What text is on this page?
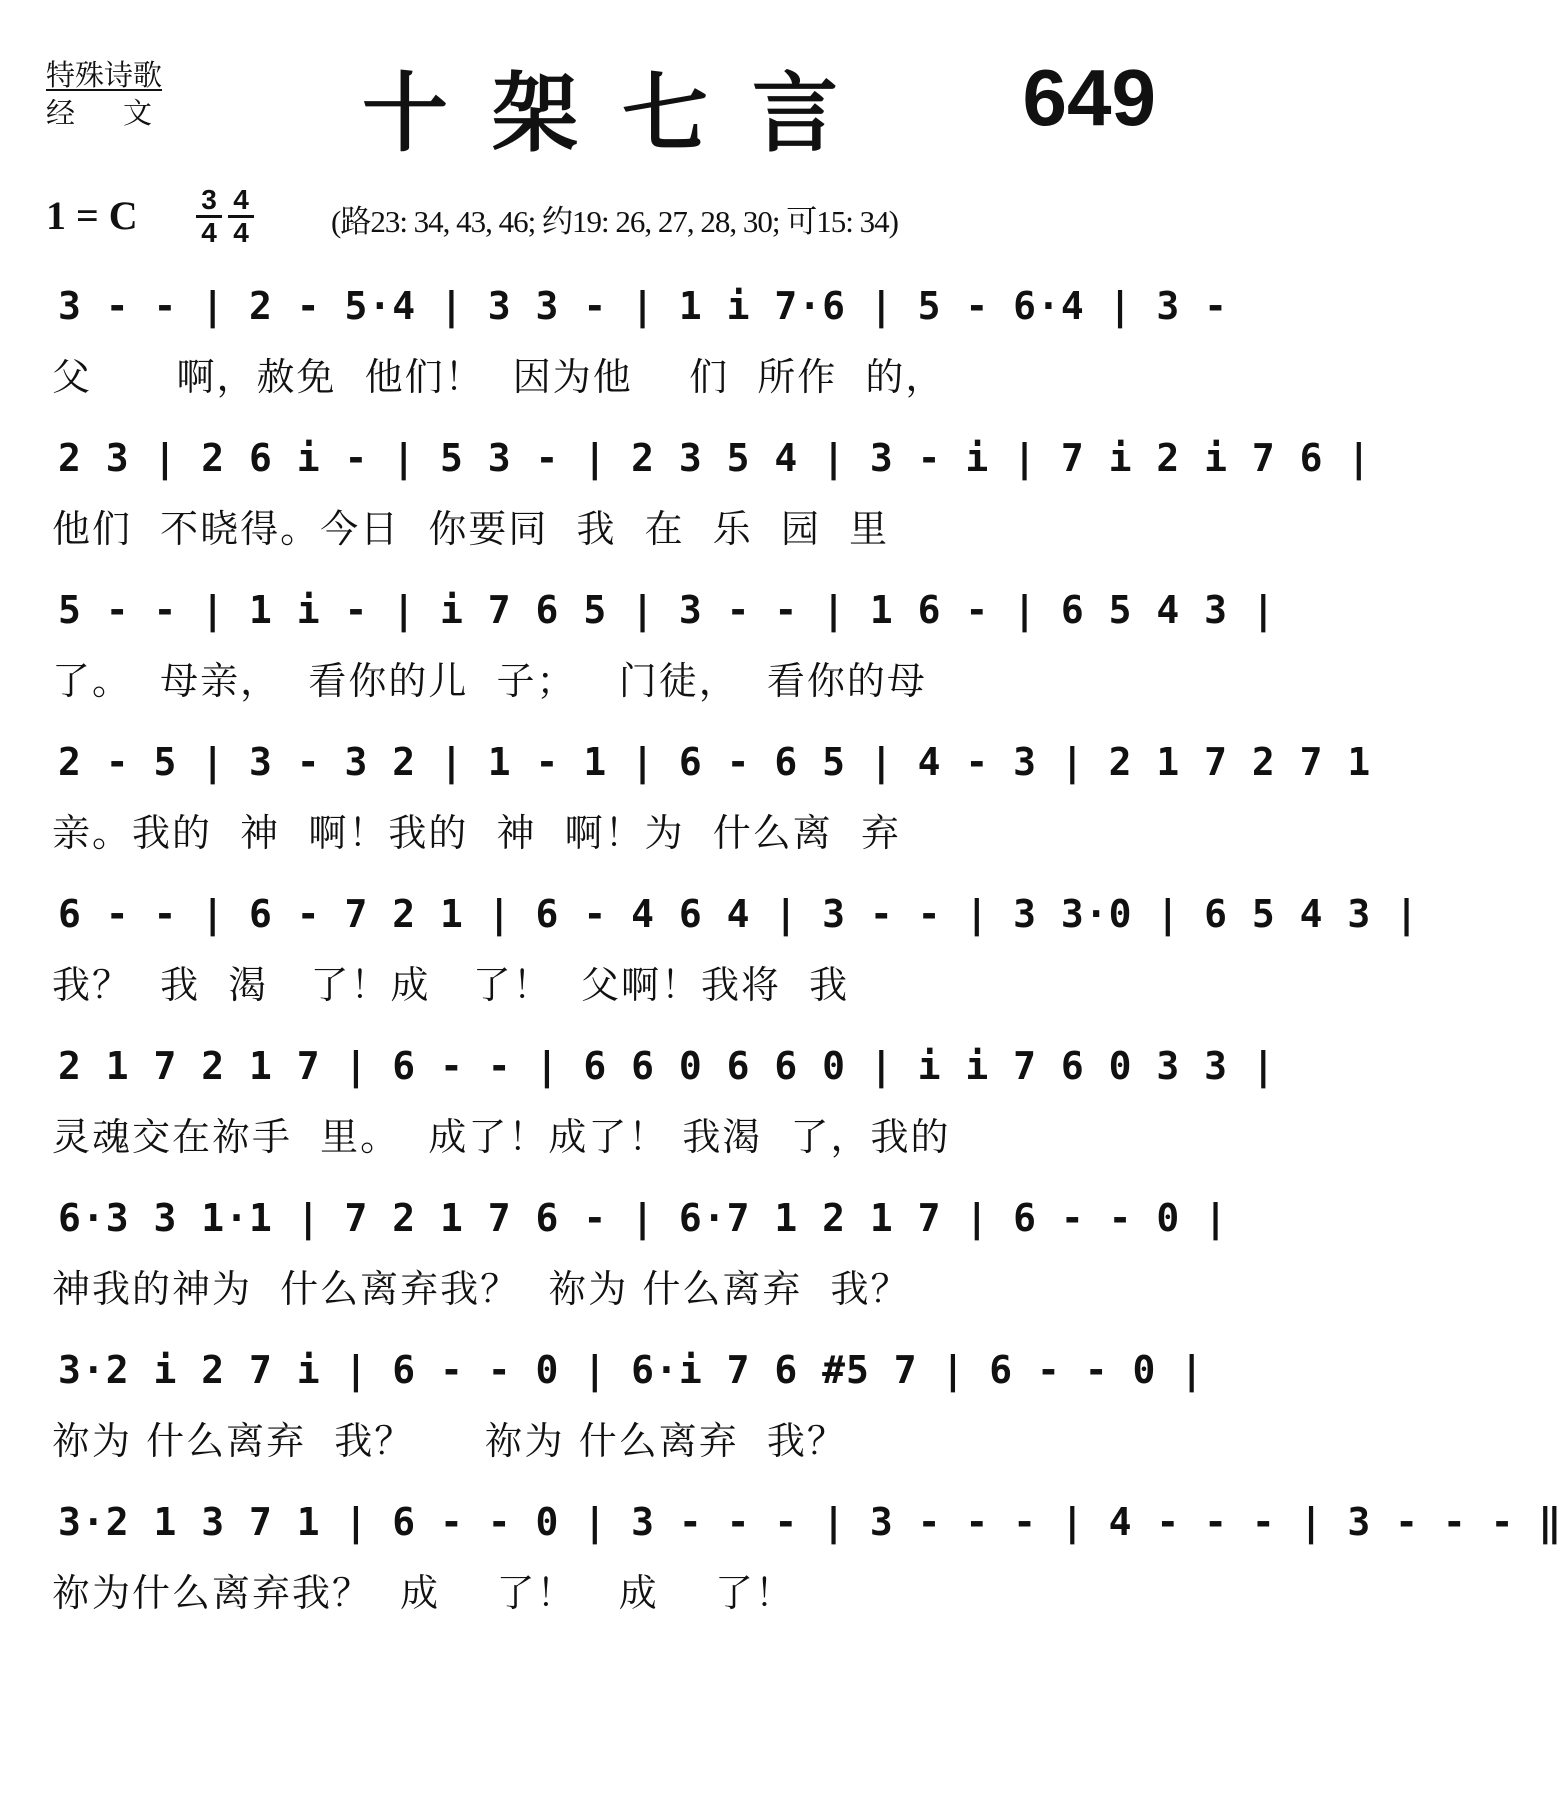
特殊诗歌
经文	十架七言	649
1 = C $\frac{3}{4} \frac{4}{4}$ (路23: 34, 43, 46; 约19: 26, 27, 28, 30; 可15: 34)
3 - - | 2 - 5·4 | 3 3 - | 1 i 7·6 | 5 - 6·4 | 3 -
父      啊，赦免  他们！  因为他    们  所作  的，
2 3 | 2 6 i - | 5 3 - | 2 3 5 4 | 3 - i | 7 i 2 i 7 6 |
他们  不晓得。今日  你要同  我  在  乐  园  里
5 - - | 1 i - | i 7 6 5 | 3 - - | 1 6 - | 6 5 4 3 |
了。  母亲，  看你的儿  子；   门徒，  看你的母
2 - 5 | 3 - 3 2 | 1 - 1 | 6 - 6 5 | 4 - 3 | 2 1 7 2 7 1
亲。我的  神  啊！我的  神  啊！为  什么离  弃
6 - - | 6 - 7 2 1 | 6 - 4 6 4 | 3 - - | 3 3·0 | 6 5 4 3 |
我？  我  渴   了！成   了！  父啊！我将  我
2 1 7 2 1 7 | 6 - - | 6 6 0 6 6 0 | i i 7 6 0 3 3 |
灵魂交在祢手  里。  成了！成了！ 我渴  了，我的
6·3 3 1·1 | 7 2 1 7 6 - | 6·7 1 2 1 7 | 6 - - 0 |
神我的神为  什么离弃我？  祢为 什么离弃  我？
3·2 i 2 7 i | 6 - - 0 | 6·i 7 6 #5 7 | 6 - - 0 |
祢为 什么离弃  我？     祢为 什么离弃  我？
3·2 1 3 7 1 | 6 - - 0 | 3 - - - | 3 - - - | 4 - - - | 3 - - - ‖
祢为什么离弃我？  成    了！   成    了！
